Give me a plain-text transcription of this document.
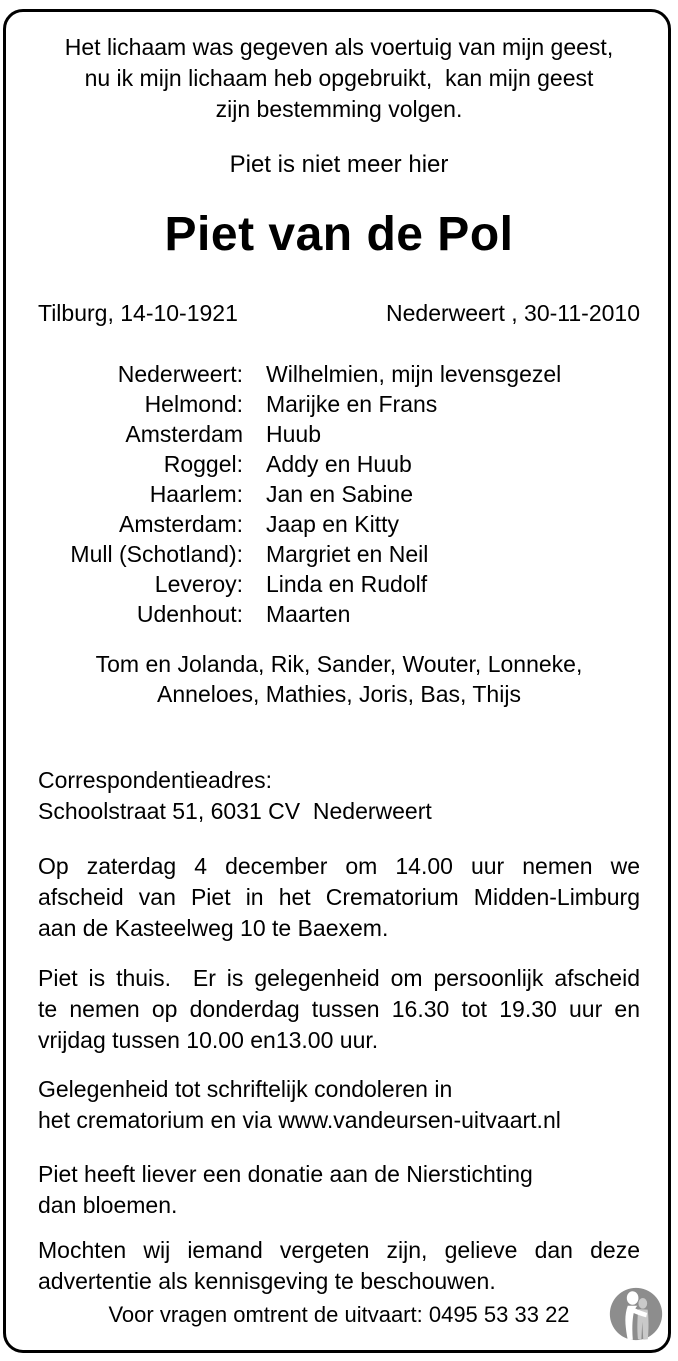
Het lichaam was gegeven als voertuig van mijn geest,
nu ik mijn lichaam heb opgebruikt,  kan mijn geest
zijn bestemming volgen.
Piet is niet meer hier
Piet van de Pol
Tilburg, 14-10-1921	Nederweert , 30-11-2010
Nederweert: Wilhelmien, mijn levensgezel
Helmond: Marijke en Frans
Amsterdam Huub
Roggel: Addy en Huub
Haarlem: Jan en Sabine
Amsterdam: Jaap en Kitty
Mull (Schotland): Margriet en Neil
Leveroy: Linda en Rudolf
Udenhout: Maarten
Tom en Jolanda, Rik, Sander, Wouter, Lonneke,
Anneloes, Mathies, Joris, Bas, Thijs
Correspondentieadres:
Schoolstraat 51, 6031 CV  Nederweert
Op zaterdag 4 december om 14.00 uur nemen we
afscheid van Piet in het Crematorium Midden-Limburg
aan de Kasteelweg 10 te Baexem.
Piet is thuis.  Er is gelegenheid om persoonlijk afscheid
te nemen op donderdag tussen 16.30 tot 19.30 uur en
vrijdag tussen 10.00 en13.00 uur.
Gelegenheid tot schriftelijk condoleren in
het crematorium en via www.vandeursen-uitvaart.nl
Piet heeft liever een donatie aan de Nierstichting
dan bloemen.
Mochten wij iemand vergeten zijn, gelieve dan deze
advertentie als kennisgeving te beschouwen.
Voor vragen omtrent de uitvaart: 0495 53 33 22
